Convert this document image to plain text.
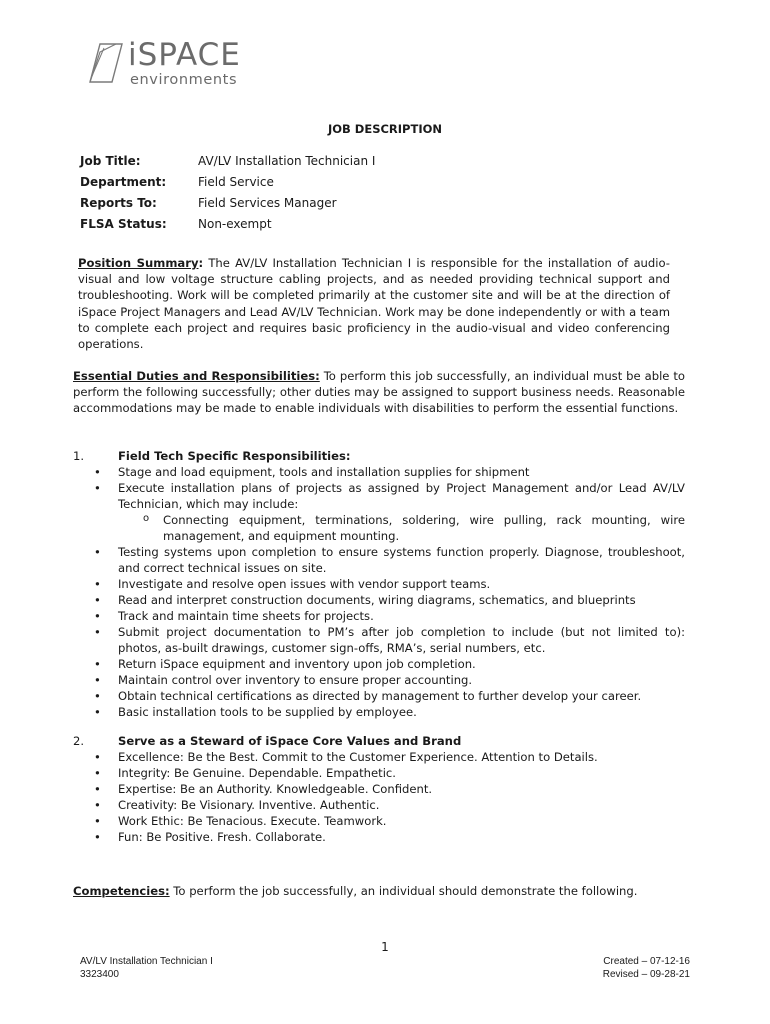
iSPACE
environments
JOB DESCRIPTION
Job Title:	AV/LV Installation Technician I
Department:	Field Service
Reports To:	Field Services Manager
FLSA Status:	Non-exempt
Position Summary: The AV/LV Installation Technician I is responsible for the installation of audio-visual and low voltage structure cabling projects, and as needed providing technical support and troubleshooting. Work will be completed primarily at the customer site and will be at the direction of iSpace Project Managers and Lead AV/LV Technician. Work may be done independently or with a team to complete each project and requires basic proficiency in the audio-visual and video conferencing operations.
Essential Duties and Responsibilities: To perform this job successfully, an individual must be able to perform the following successfully; other duties may be assigned to support business needs. Reasonable accommodations may be made to enable individuals with disabilities to perform the essential functions.
1.	Field Tech Specific Responsibilities:
• Stage and load equipment, tools and installation supplies for shipment
• Execute installation plans of projects as assigned by Project Management and/or Lead AV/LV Technician, which may include:
o Connecting equipment, terminations, soldering, wire pulling, rack mounting, wire management, and equipment mounting.
• Testing systems upon completion to ensure systems function properly. Diagnose, troubleshoot, and correct technical issues on site.
• Investigate and resolve open issues with vendor support teams.
• Read and interpret construction documents, wiring diagrams, schematics, and blueprints
• Track and maintain time sheets for projects.
• Submit project documentation to PM’s after job completion to include (but not limited to): photos, as-built drawings, customer sign-offs, RMA’s, serial numbers, etc.
• Return iSpace equipment and inventory upon job completion.
• Maintain control over inventory to ensure proper accounting.
• Obtain technical certifications as directed by management to further develop your career.
• Basic installation tools to be supplied by employee.
2.	Serve as a Steward of iSpace Core Values and Brand
• Excellence: Be the Best. Commit to the Customer Experience. Attention to Details.
• Integrity: Be Genuine. Dependable. Empathetic.
• Expertise: Be an Authority. Knowledgeable. Confident.
• Creativity: Be Visionary. Inventive. Authentic.
• Work Ethic: Be Tenacious. Execute. Teamwork.
• Fun: Be Positive. Fresh. Collaborate.
Competencies: To perform the job successfully, an individual should demonstrate the following.
1
AV/LV Installation Technician I
3323400
Created – 07-12-16
Revised – 09-28-21
